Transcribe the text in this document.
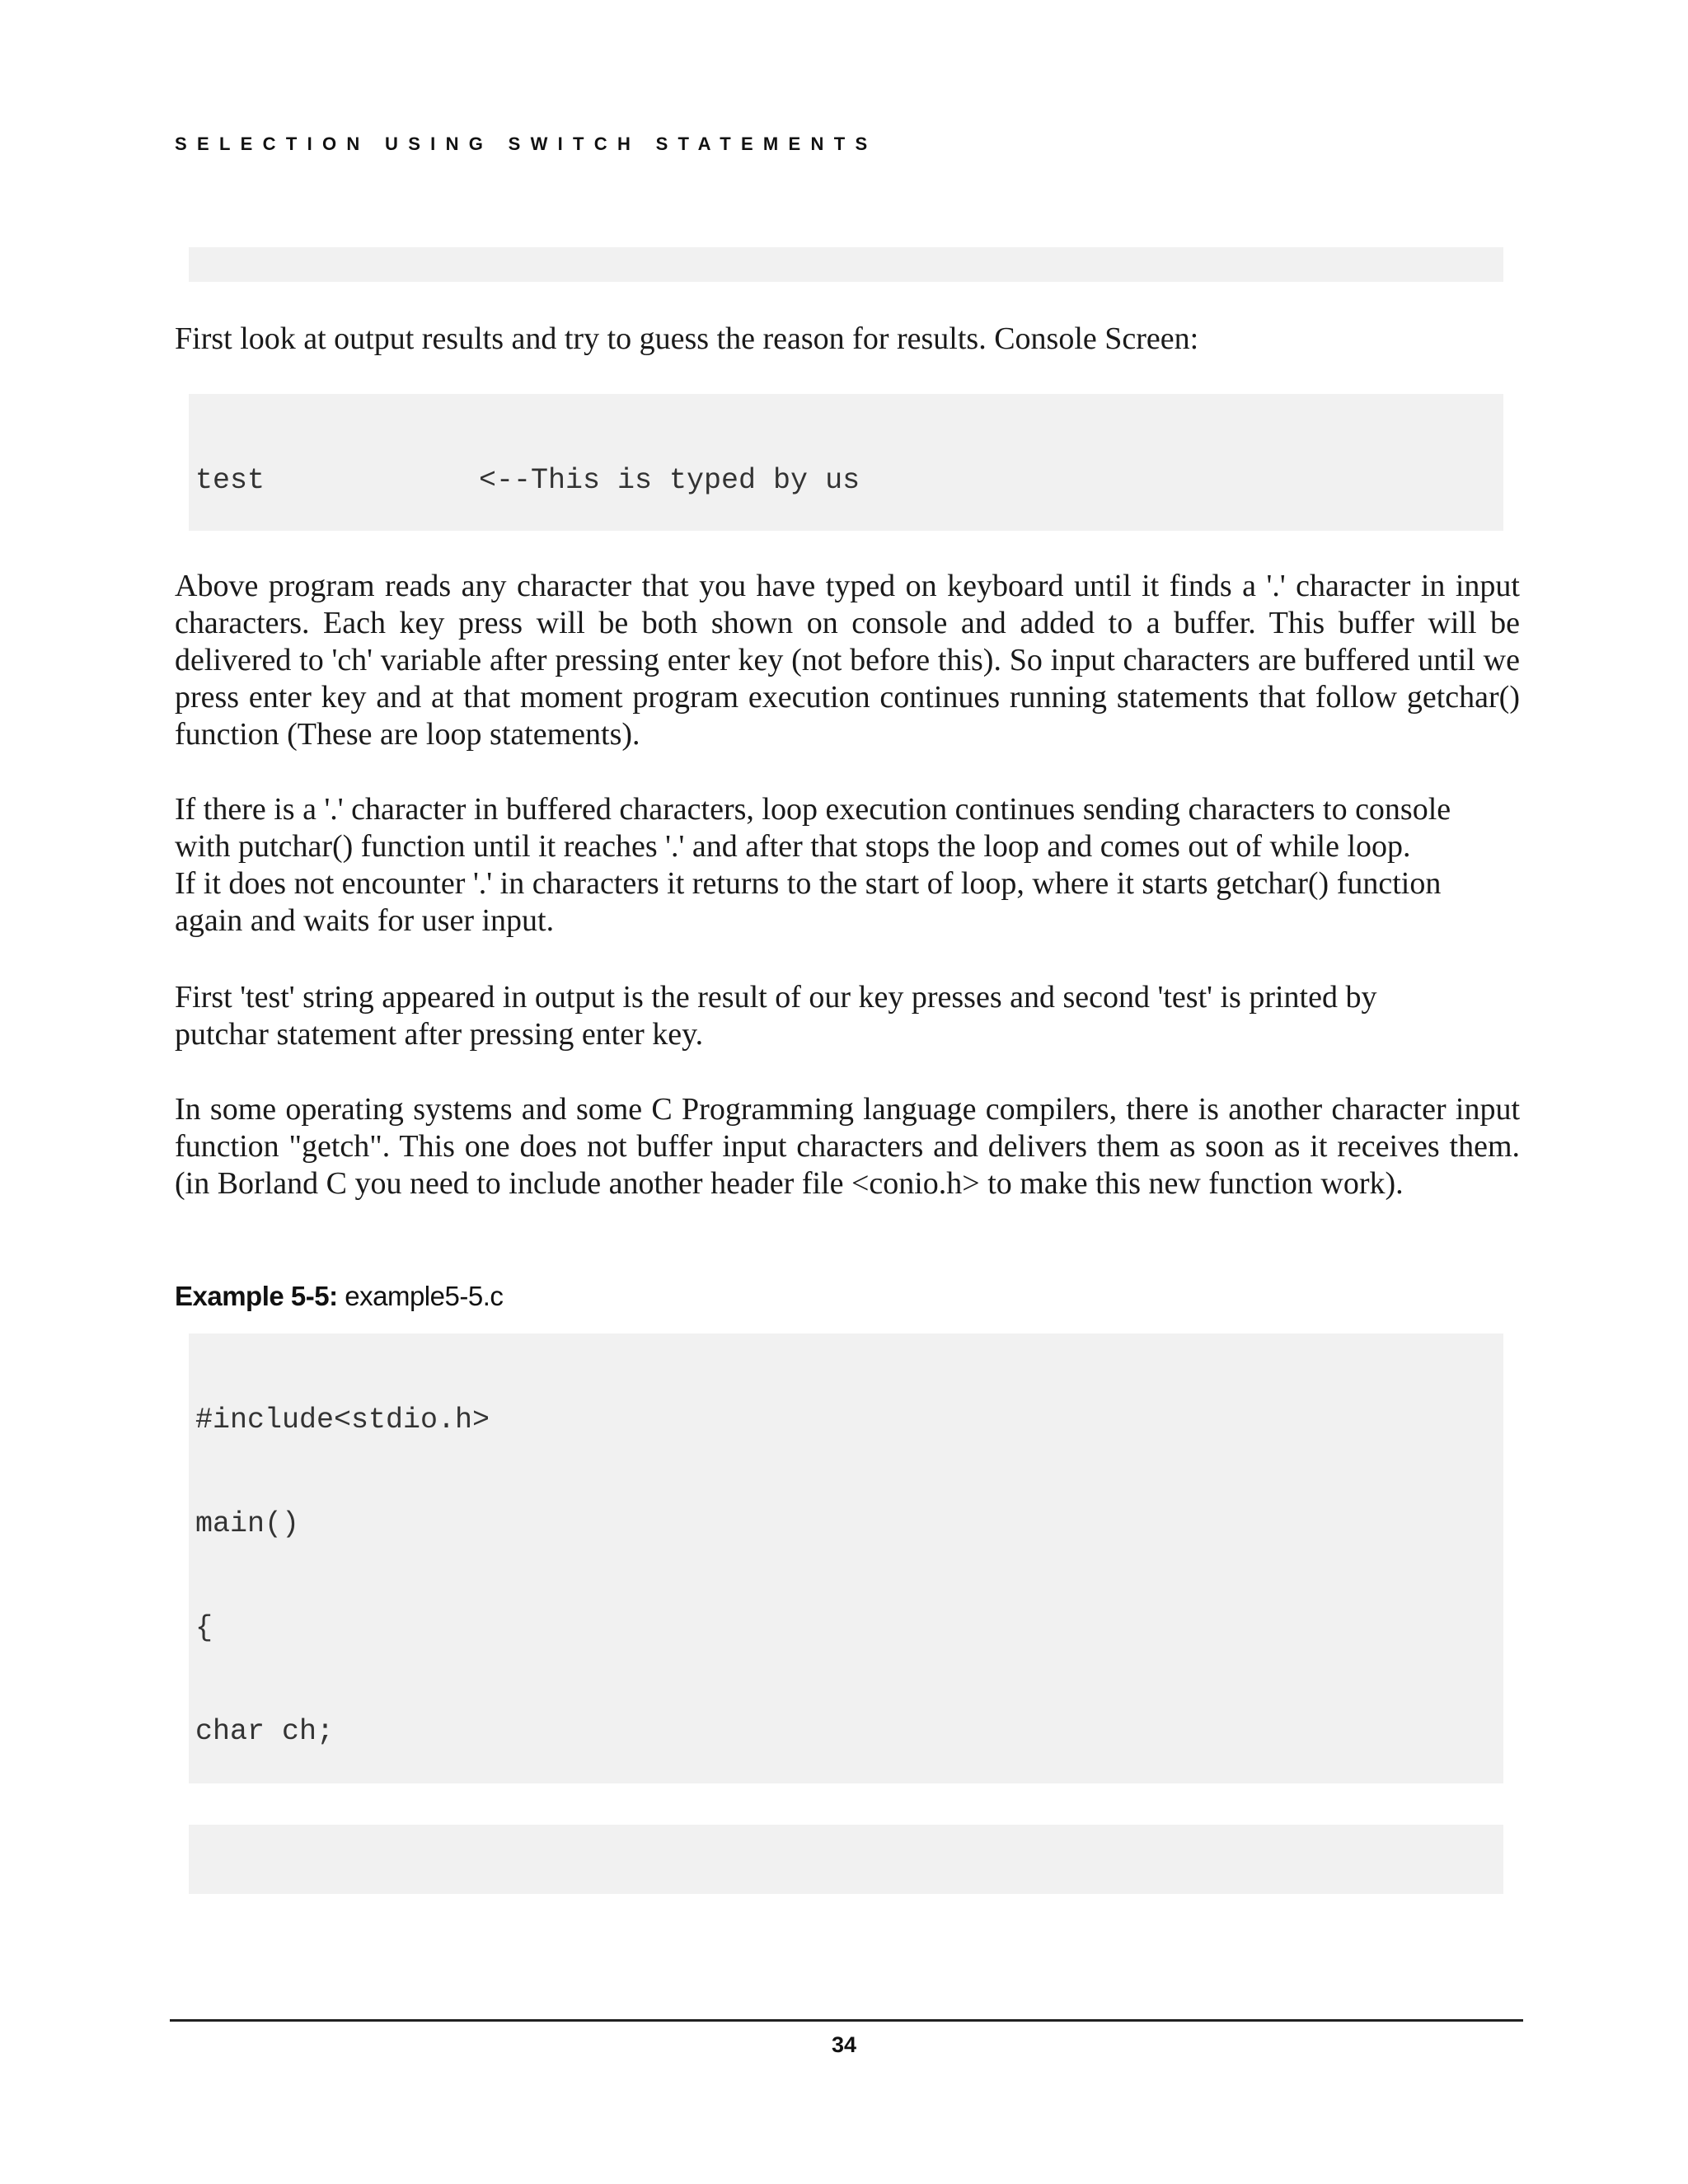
SELECTION USING SWITCH STATEMENTS

First look at output results and try to guess the reason for results. Console Screen:

test	<--This is typed by us

Above program reads any character that you have typed on keyboard until it finds a '.' character in input characters. Each key press will be both shown on console and added to a buffer. This buffer will be delivered to 'ch' variable after pressing enter key (not before this). So input characters are buffered until we press enter key and at that moment program execution continues running statements that follow getchar() function (These are loop statements).

If there is a '.' character in buffered characters, loop execution continues sending characters to console

with putchar() function until it reaches '.' and after that stops the loop and comes out of while loop.

If it does not encounter '.' in characters it returns to the start of loop, where it starts getchar() function

again and waits for user input.

First 'test' string appeared in output is the result of our key presses and second 'test' is printed by

putchar statement after pressing enter key.

In some operating systems and some C Programming language compilers, there is another character input function "getch". This one does not buffer input characters and delivers them as soon as it receives them. (in Borland C you need to include another header file <conio.h> to make this new function work).

Example 5-5: example5-5.c

#include<stdio.h>

main()

{

char ch;

34
